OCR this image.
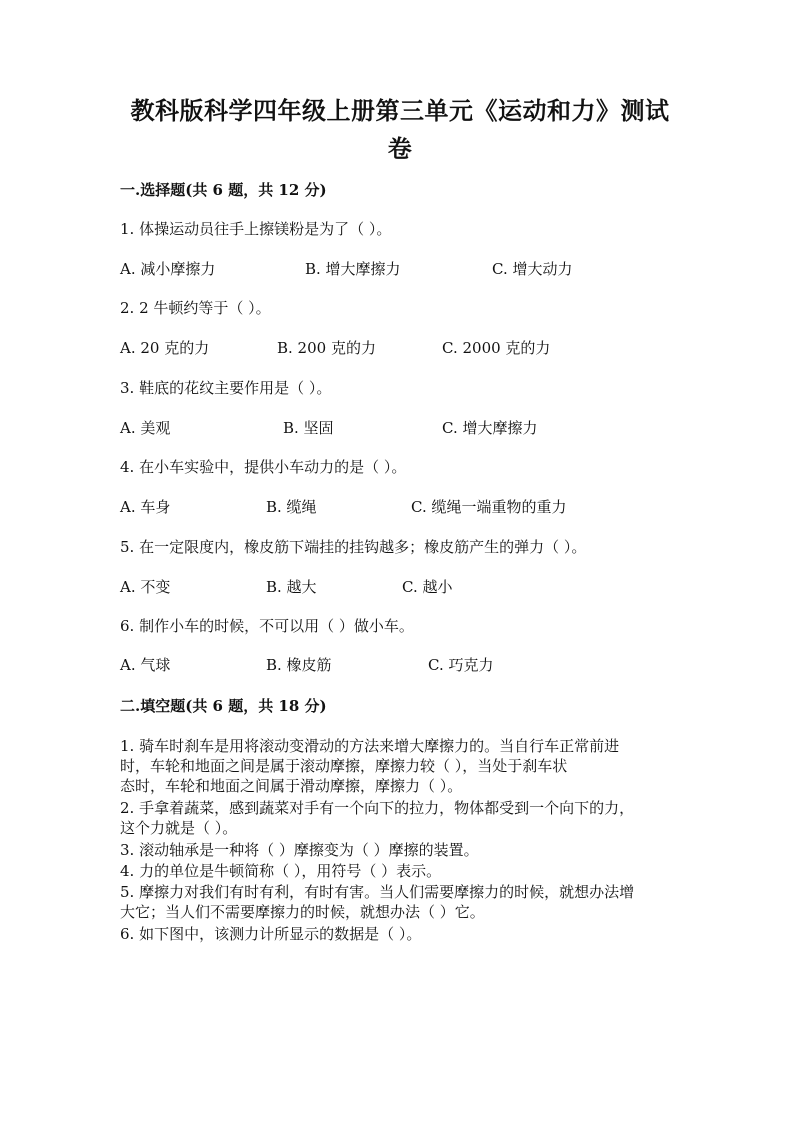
教科版科学四年级上册第三单元《运动和力》测试
卷
一.选择题(共 6 题，共 12 分)
1. 体操运动员往手上擦镁粉是为了（ ）。
A. 减小摩擦力	B. 增大摩擦力	C. 增大动力
2. 2 牛顿约等于（ ）。
A. 20 克的力	B. 200 克的力	C. 2000 克的力
3. 鞋底的花纹主要作用是（ ）。
A. 美观	B. 坚固	C. 增大摩擦力
4. 在小车实验中，提供小车动力的是（ ）。
A. 车身	B. 缆绳	C. 缆绳一端重物的重力
5. 在一定限度内，橡皮筋下端挂的挂钩越多；橡皮筋产生的弹力（ ）。
A. 不变	B. 越大	C. 越小
6. 制作小车的时候，不可以用（ ）做小车。
A. 气球	B. 橡皮筋	C. 巧克力
二.填空题(共 6 题，共 18 分)
1. 骑车时刹车是用将滚动变滑动的方法来增大摩擦力的。当自行车正常前进
时，车轮和地面之间是属于滚动摩擦，摩擦力较（ ），当处于刹车状
态时，车轮和地面之间属于滑动摩擦，摩擦力（ ）。
2. 手拿着蔬菜，感到蔬菜对手有一个向下的拉力，物体都受到一个向下的力，
这个力就是（ ）。
3. 滚动轴承是一种将（ ）摩擦变为（ ）摩擦的装置。
4. 力的单位是牛顿简称（ ），用符号（ ）表示。
5. 摩擦力对我们有时有利，有时有害。当人们需要摩擦力的时候，就想办法增
大它；当人们不需要摩擦力的时候，就想办法（ ）它。
6. 如下图中，该测力计所显示的数据是（ ）。
